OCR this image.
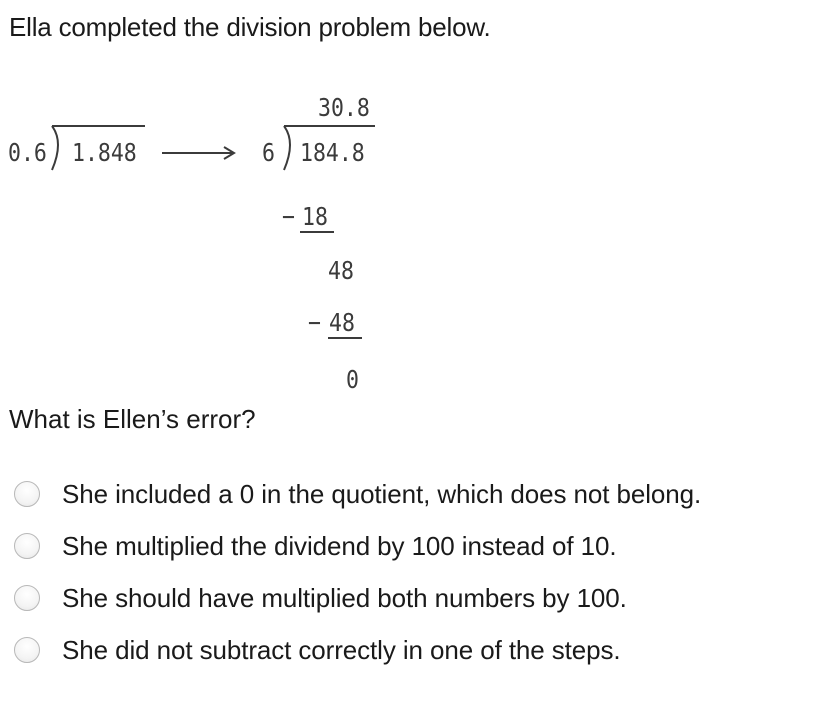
Ella completed the division problem below.
0.6 1.848
30.8
6 184.8
− 18
48
− 48
0
What is Ellen’s error?
She included a 0 in the quotient, which does not belong.
She multiplied the dividend by 100 instead of 10.
She should have multiplied both numbers by 100.
She did not subtract correctly in one of the steps.
